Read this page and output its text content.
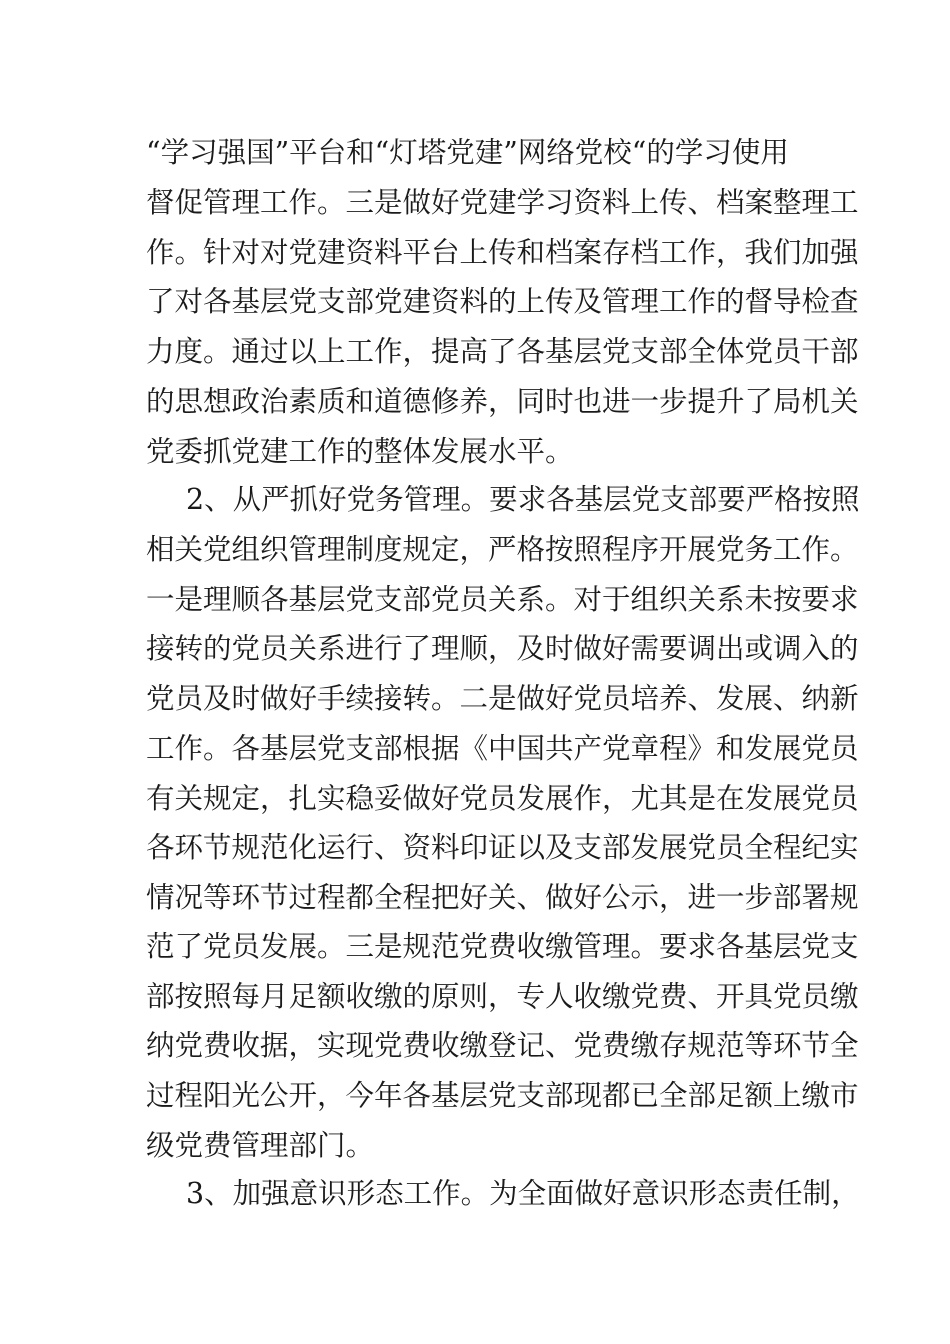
“学习强国”平台和“灯塔党建”网络党校“的学习使用
督促管理工作。三是做好党建学习资料上传、档案整理工
作。针对对党建资料平台上传和档案存档工作，我们加强
了对各基层党支部党建资料的上传及管理工作的督导检查
力度。通过以上工作，提高了各基层党支部全体党员干部
的思想政治素质和道德修养，同时也进一步提升了局机关
党委抓党建工作的整体发展水平。
2、从严抓好党务管理。要求各基层党支部要严格按照
相关党组织管理制度规定，严格按照程序开展党务工作。
一是理顺各基层党支部党员关系。对于组织关系未按要求
接转的党员关系进行了理顺，及时做好需要调出或调入的
党员及时做好手续接转。二是做好党员培养、发展、纳新
工作。各基层党支部根据《中国共产党章程》和发展党员
有关规定，扎实稳妥做好党员发展作，尤其是在发展党员
各环节规范化运行、资料印证以及支部发展党员全程纪实
情况等环节过程都全程把好关、做好公示，进一步部署规
范了党员发展。三是规范党费收缴管理。要求各基层党支
部按照每月足额收缴的原则，专人收缴党费、开具党员缴
纳党费收据，实现党费收缴登记、党费缴存规范等环节全
过程阳光公开，今年各基层党支部现都已全部足额上缴市
级党费管理部门。
3、加强意识形态工作。为全面做好意识形态责任制，
